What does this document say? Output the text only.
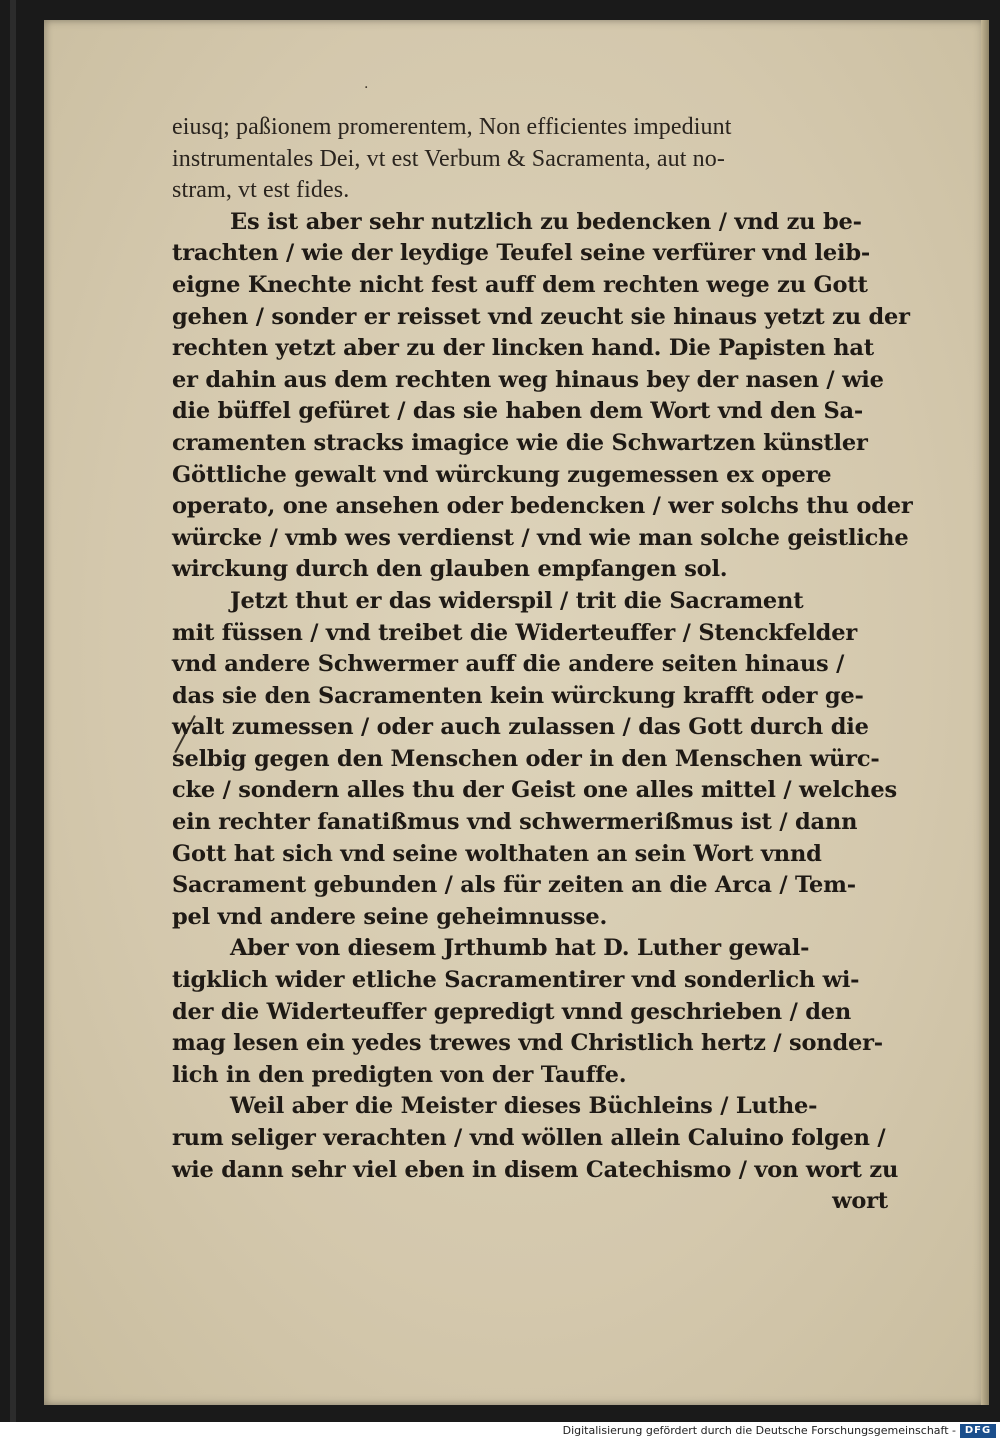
·
eiusq; paßionem promerentem, Non efficientes impediunt
instrumentales Dei, vt est Verbum & Sacramenta, aut no-
stram, vt est fides.
Es ist aber sehr nutzlich zu bedencken / vnd zu be-
trachten / wie der leydige Teufel seine verfürer vnd leib-
eigne Knechte nicht fest auff dem rechten wege zu Gott
gehen / sonder er reisset vnd zeucht sie hinaus yetzt zu der
rechten yetzt aber zu der lincken hand. Die Papisten hat
er dahin aus dem rechten weg hinaus bey der nasen / wie
die büffel gefüret / das sie haben dem Wort vnd den Sa-
cramenten stracks imagice wie die Schwartzen künstler
Göttliche gewalt vnd würckung zugemessen ex opere
operato, one ansehen oder bedencken / wer solchs thu oder
würcke / vmb wes verdienst / vnd wie man solche geistliche
wirckung durch den glauben empfangen sol.
Jetzt thut er das widerspil / trit die Sacrament
mit füssen / vnd treibet die Widerteuffer / Stenckfelder
vnd andere Schwermer auff die andere seiten hinaus /
das sie den Sacramenten kein würckung krafft oder ge-
walt zumessen / oder auch zulassen / das Gott durch die
selbig gegen den Menschen oder in den Menschen würc-
cke / sondern alles thu der Geist one alles mittel / welches
ein rechter fanatißmus vnd schwermerißmus ist / dann
Gott hat sich vnd seine wolthaten an sein Wort vnnd
Sacrament gebunden / als für zeiten an die Arca / Tem-
pel vnd andere seine geheimnusse.
Aber von diesem Jrthumb hat D. Luther gewal-
tigklich wider etliche Sacramentirer vnd sonderlich wi-
der die Widerteuffer gepredigt vnnd geschrieben / den
mag lesen ein yedes trewes vnd Christlich hertz / sonder-
lich in den predigten von der Tauffe.
Weil aber die Meister dieses Büchleins / Luthe-
rum seliger verachten / vnd wöllen allein Caluino folgen /
wie dann sehr viel eben in disem Catechismo / von wort zu
wort
Digitalisierung gefördert durch die Deutsche Forschungsgemeinschaft - DFG
